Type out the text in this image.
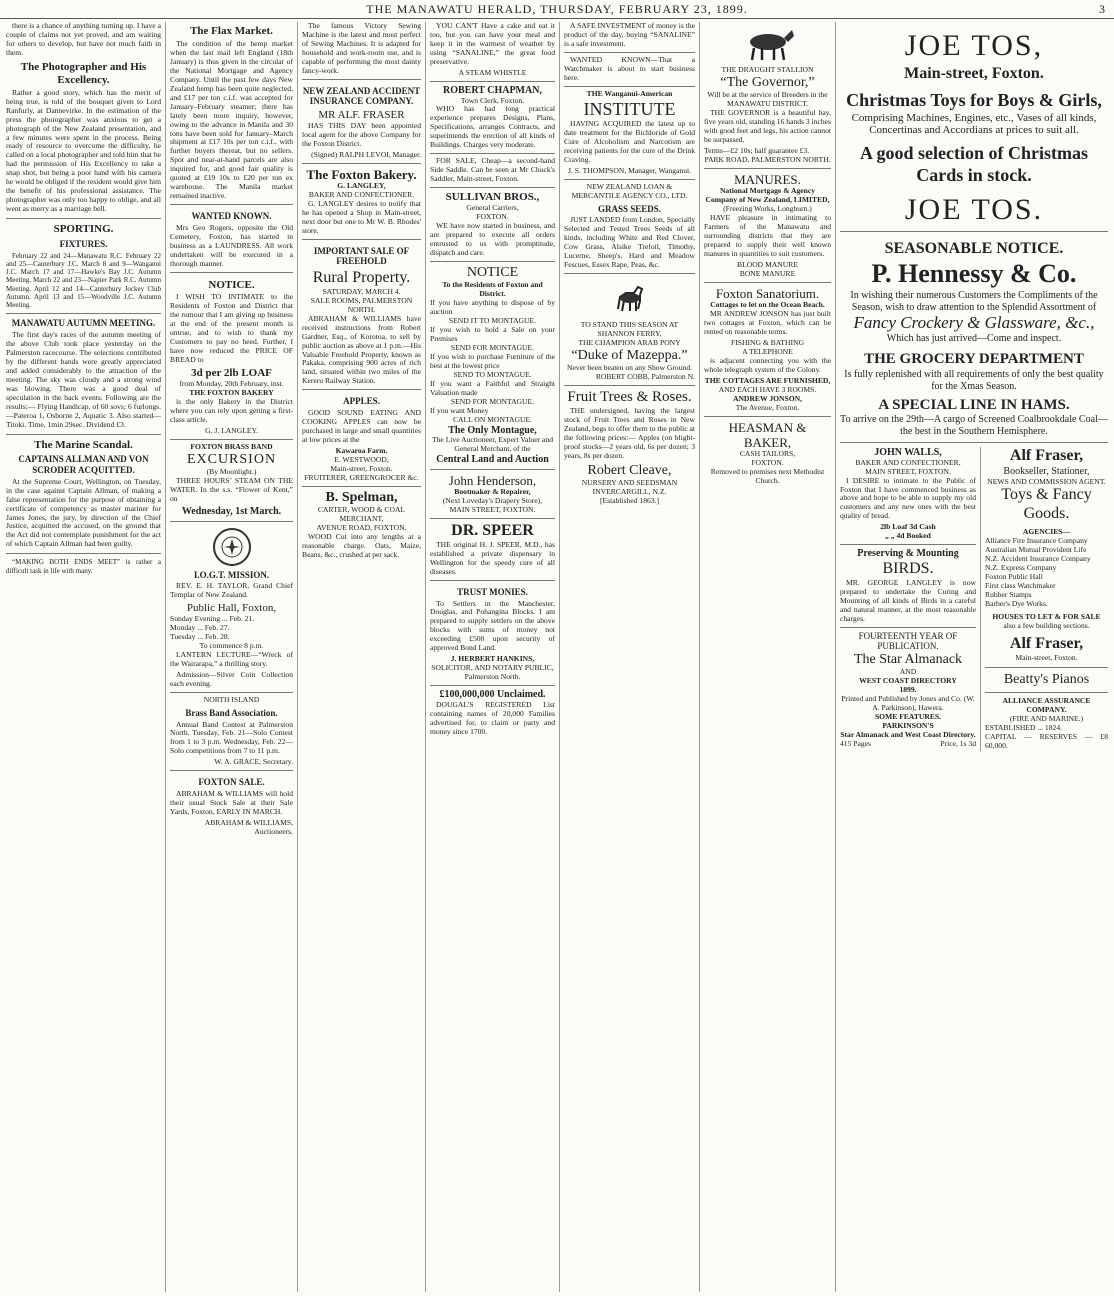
THE MANAWATU HERALD, THURSDAY, FEBRUARY 23, 1899.	3

there is a chance of anything turning up. I have a couple of claims not yet proved, and am waiting for others to develop, but have not much faith in them.

The Photographer and His Excellency.

Rather a good story, which has the merit of being true, is told of the bouquet given to Lord Ranfurly, at Dannevirke. In the estimation of the press the photographer was anxious to get a photograph of the New Zealand presentation, and a few minutes were spent in the process. Being ready of resource to overcome the difficulty, he called on a local photographer and told him that he had the permission of His Excellency to take a snap shot, but being a poor hand with his camera he would be obliged if the resident would give him the benefit of his professional assistance. The photographer was only too happy to oblige, and all went as merry as a marriage bell.

SPORTING.
FIXTURES.

February 22 and 24—Manawatu R.C. February 22 and 25—Canterbury J.C. March 8 and 9—Wanganui J.C. March 17 and 17—Hawke's Bay J.C. Autumn Meeting. March 22 and 23—Napier Park R.C. Autumn Meeting. April 12 and 14—Canterbury Jockey Club Autumn. April 13 and 15—Woodville J.C. Autumn Meeting.

MANAWATU AUTUMN MEETING.

The first day's races of the autumn meeting of the above Club took place yesterday on the Palmerston racecourse. The selections contributed by the different bands were greatly appreciated and added considerably to the attraction of the meeting. The sky was cloudy and a strong wind was blowing. There was a good deal of speculation in the back events. Following are the results:— Flying Handicap, of 60 sovs; 6 furlongs.—Pateroa 1, Osborne 2, Aquatic 3. Also started—Titoki. Time, 1min 29sec. Dividend £3.

The Marine Scandal.
CAPTAINS ALLMAN AND VON SCRODER ACQUITTED.

At the Supreme Court, Wellington, on Tuesday, in the case against Captain Allman, of making a false representation for the purpose of obtaining a certificate of competency as master mariner for James Jones, the jury, by direction of the Chief Justice, acquitted the accused, on the ground that the Act did not contemplate punishment for the act of which Captain Allman had been guilty.

“MAKING BOTH ENDS MEET” is rather a difficult task in life with many.

The Flax Market.

The condition of the hemp market when the last mail left England (18th January) is thus given in the circular of the National Mortgage and Agency Company. Until the past few days New Zealand hemp has been quite neglected, and £17 per ton c.i.f. was accepted for January–February steamer; there has lately been more inquiry, however, owing to the advance in Manila and 30 tons have been sold for January–March shipment at £17 10s per ton c.i.f., with further buyers thereat, but no sellers. Spot and near-at-hand parcels are also inquired for, and good fair quality is quoted at £19 10s to £20 per ton ex warehouse. The Manila market remained inactive.

WANTED KNOWN.

Mrs Geo Rogers, opposite the Old Cemetery, Foxton, has started in business as a LAUNDRESS. All work undertaken will be executed in a thorough manner.

NOTICE.

I WISH TO INTIMATE to the Residents of Foxton and District that the rumour that I am giving up business at the end of the present month is untrue, and to wish to thank my Customers to pay no heed. Further, I have now reduced the PRICE OF BREAD to

3d per 2lb LOAF
from Monday, 20th February, inst.
THE FOXTON BAKERY

is the only Bakery in the District where you can rely upon getting a first-class article.

G. J. LANGLEY.
FOXTON BRASS BAND
EXCURSION
(By Moonlight.)

THREE HOURS’ STEAM ON THE WATER. In the s.s. “Flower of Kent,” on

Wednesday, 1st March.
I.O.G.T. MISSION.

REV. E. H. TAYLOR, Grand Chief Templar of New Zealand.

Public Hall, Foxton,
Sunday Evening ... Feb. 21.
Monday ... Feb. 27.
Tuesday ... Feb. 28.
To commence 8 p.m.

LANTERN LECTURE—“Wreck of the Wairarapa,” a thrilling story.

Admission—Silver Coin Collection each evening.

NORTH ISLAND
Brass Band Association.

Annual Band Contest at Palmerston North. Tuesday, Feb. 21—Solo Contest from 1 to 3 p.m. Wednesday, Feb. 22—Solo competitions from 7 to 11 p.m.

W. A. GRACE, Secretary.
FOXTON SALE.

ABRAHAM & WILLIAMS will hold their usual Stock Sale at their Sale Yards, Foxton, EARLY IN MARCH.

ABRAHAM & WILLIAMS, Auctioneers.

The famous Victory Sewing Machine is the latest and most perfect of Sewing Machines. It is adapted for household and work-room use, and is capable of performing the most dainty fancy-work.

NEW ZEALAND ACCIDENT INSURANCE COMPANY.
MR ALF. FRASER

HAS THIS DAY been appointed local agent for the above Company for the Foxton District.

(Signed) RALPH LEVOI, Manager.
The Foxton Bakery.
G. LANGLEY,
BAKER AND CONFECTIONER.

G. LANGLEY desires to notify that he has opened a Shop in Main-street, next door but one to Mr W. B. Rhodes' store.

IMPORTANT SALE OF FREEHOLD
Rural Property.
SATURDAY, MARCH 4.
SALE ROOMS, PALMERSTON NORTH.

ABRAHAM & WILLIAMS have received instructions from Robert Gardner, Esq., of Korotoa, to sell by public auction as above at 1 p.m.—His Valuable Freehold Property, known as Pakaka, comprising 900 acres of rich land, situated within two miles of the Kereru Railway Station.

APPLES.

GOOD SOUND EATING AND COOKING APPLES can now be purchased in large and small quantities at low prices at the

Kawaroa Farm.
E. WESTWOOD,
Main-street, Foxton.
FRUITERER, GREENGROCER &c.
B. Spelman,
CARTER, WOOD & COAL MERCHANT,
AVENUE ROAD, FOXTON.

WOOD Cut into any lengths at a reasonable charge. Oats, Maize, Beans, &c., crushed at per sack.

YOU CAN'T Have a cake and eat it too, but you can have your meal and keep it in the warmest of weather by using “SANALINE,” the great food preservative.

A STEAM WHISTLE
ROBERT CHAPMAN,
Town Clerk, Foxton.

WHO has had long practical experience prepares Designs, Plans, Specifications, arranges Contracts, and superintends the erection of all kinds of Buildings. Charges very moderate.

FOR SALE, Cheap—a second-hand Side Saddle. Can be seen at Mr Chuck's Saddler, Main-street, Foxton.

SULLIVAN BROS.,
General Carriers,
FOXTON.

WE have now started in business, and are prepared to execute all orders entrusted to us with promptitude, dispatch and care.

NOTICE
To the Residents of Foxton and District.
If you have anything to dispose of by auction
SEND IT TO MONTAGUE.
If you wish to hold a Sale on your Premises
SEND FOR MONTAGUE.
If you wish to purchase Furniture of the best at the lowest price
SEND TO MONTAGUE.
If you want a Faithful and Straight Valuation made
SEND FOR MONTAGUE.
If you want Money
CALL ON MONTAGUE.
The Only Montague,
The Live Auctioneer, Expert Valuer and General Merchant, of the
Central Land and Auction
John Henderson,
Bootmaker & Repairer,
(Next Loveday's Drapery Store),
MAIN STREET, FOXTON.
DR. SPEER

THE original H. J. SPEER, M.D., has established a private dispensary in Wellington for the speedy cure of all diseases.

TRUST MONIES.

To Settlers in the Manchester, Douglas, and Pohangina Blocks. I am prepared to supply settlers on the above blocks with sums of money not exceeding £500 upon security of approved Bond Land.

J. HERBERT HANKINS,
SOLICITOR, AND NOTARY PUBLIC, Palmerston North.
£100,000,000 Unclaimed.

DOUGAL'S REGISTERED List containing names of 20,000 Families advertised for, to claim or party and money since 1700.

A SAFE INVESTMENT of money is the product of the day, buying “SANALINE” is a safe investment.

WANTED KNOWN—That a Watchmaker is about to start business here.

THE Wanganui-American
INSTITUTE

HAVING ACQUIRED the latest up to date treatment for the Bichloride of Gold Cure of Alcoholism and Narcotism are receiving patients for the cure of the Drink Craving.

J. S. THOMPSON, Manager, Wanganui.
NEW ZEALAND LOAN & MERCANTILE AGENCY CO., LTD.
GRASS SEEDS.

JUST LANDED from London, Specially Selected and Tested Trees Seeds of all kinds, including White and Red Clover, Cow Grass, Alsike Trefoil, Timothy, Lucerne, Sheep's, Hard and Meadow Fescues, Essex Rape, Peas, &c.

TO STAND THIS SEASON AT SHANNON FERRY,
THE CHAMPION ARAB PONY
“Duke of Mazeppa.”
Never been beaten on any Show Ground.
ROBERT COBB, Palmerston N.
Fruit Trees & Roses.

THE undersigned, having the largest stock of Fruit Trees and Roses in New Zealand, begs to offer them to the public at the following prices:— Apples (on blight-proof stocks—2 years old, 6s per dozen; 3 years, 8s per dozen.

Robert Cleave,
NURSERY AND SEEDSMAN
INVERCARGILL, N.Z.
[Established 1863.]
THE DRAUGHT STALLION
“The Governor,”
Will be at the service of Breeders in the MANAWATU DISTRICT.

THE GOVERNOR is a beautiful bay, five years old, standing 16 hands 3 inches with good feet and legs, his action cannot be surpassed.

Terms—£2 10s; half guarantee £3.
PARK ROAD, PALMERSTON NORTH.
MANURES.
National Mortgage & Agency Company of New Zealand, LIMITED,
(Freezing Works, Longburn.)

HAVE pleasure in intimating to Farmers of the Manawatu and surrounding districts that they are prepared to supply their well known manures in quantities to suit customers.

BLOOD MANURE
BONE MANURE
Foxton Sanatorium.
Cottages to let on the Ocean Beach.

MR ANDREW JONSON has just built two cottages at Foxton, which can be rented on reasonable terms.

FISHING & BATHING
A TELEPHONE

is adjacent connecting you with the whole telegraph system of the Colony.

THE COTTAGES ARE FURNISHED,
AND EACH HAVE 3 ROOMS.
ANDREW JONSON,
The Avenue, Foxton.
HEASMAN & BAKER,
CASH TAILORS,
FOXTON.
Removed to premises next Methodist Church.
JOE TOS,
Main-street, Foxton.
Christmas Toys for Boys & Girls,
Comprising Machines, Engines, etc., Vases of all kinds, Concertinas and Accordians at prices to suit all.
A good selection of Christmas Cards in stock.
JOE TOS.
SEASONABLE NOTICE.
P. Hennessy & Co.
In wishing their numerous Customers the Compliments of the Season, wish to draw attention to the Splendid Assortment of
Fancy Crockery & Glassware, &c.,
Which has just arrived—Come and inspect.
THE GROCERY DEPARTMENT
Is fully replenished with all requirements of only the best quality for the Xmas Season.
A SPECIAL LINE IN HAMS.
To arrive on the 29th—A cargo of Screened Coalbrookdale Coal—the best in the Southern Hemisphere.
JOHN WALLS,
BAKER AND CONFECTIONER,
MAIN STREET, FOXTON.

I DESIRE to intimate to the Public of Foxton that I have commenced business as above and hope to be able to supply my old customers and any new ones with the best quality of bread.

2lb Loaf 3d Cash
„ „ 4d Booked
Preserving & Mounting
BIRDS.

MR. GEORGE LANGLEY is now prepared to undertake the Curing and Mounting of all kinds of Birds in a careful and natural manner, at the most reasonable charges.

FOURTEENTH YEAR OF PUBLICATION.
The Star Almanack
AND
WEST COAST DIRECTORY
1899.
Printed and Published by Jones and Co. (W. A. Parkinson), Hawera.
SOME FEATURES.
PARKINSON'S
Star Almanack and West Coast Directory.
415 Pages	Price, 1s 3d
Alf Fraser,
Bookseller, Stationer,
NEWS AND COMMISSION AGENT.
Toys & Fancy Goods.
AGENCIES—
Alliance Fire Insurance Company
Australian Mutual Provident Life
N.Z. Accident Insurance Company
N.Z. Express Company
Foxton Public Hall
First class Watchmaker
Rubber Stamps
Barber's Dye Works.
HOUSES TO LET & FOR SALE
also a few building sections.
Alf Fraser,
Main-street, Foxton.
Beatty's Pianos
ALLIANCE ASSURANCE COMPANY.
(FIRE AND MARINE.)
ESTABLISHED ... 1824.
CAPITAL — RESERVES — £8 60,000.
